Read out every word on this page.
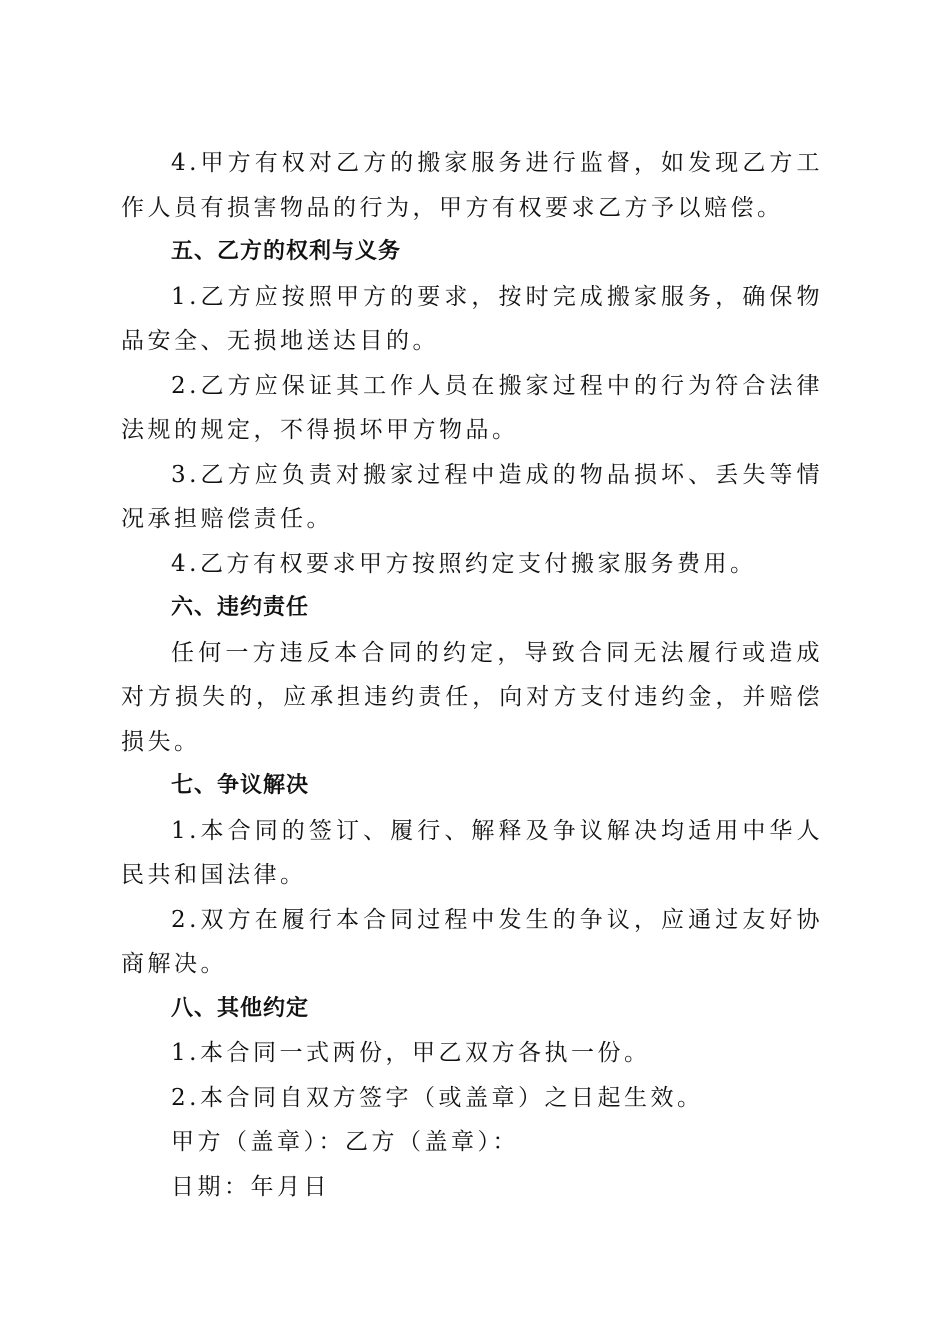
4.甲方有权对乙方的搬家服务进行监督，如发现乙方工作人员有损害物品的行为，甲方有权要求乙方予以赔偿。

五、乙方的权利与义务

1.乙方应按照甲方的要求，按时完成搬家服务，确保物品安全、无损地送达目的。

2.乙方应保证其工作人员在搬家过程中的行为符合法律法规的规定，不得损坏甲方物品。

3.乙方应负责对搬家过程中造成的物品损坏、丢失等情况承担赔偿责任。

4.乙方有权要求甲方按照约定支付搬家服务费用。

六、违约责任

任何一方违反本合同的约定，导致合同无法履行或造成对方损失的，应承担违约责任，向对方支付违约金，并赔偿损失。

七、争议解决

1.本合同的签订、履行、解释及争议解决均适用中华人民共和国法律。

2.双方在履行本合同过程中发生的争议，应通过友好协商解决。

八、其他约定

1.本合同一式两份，甲乙双方各执一份。

2.本合同自双方签字（或盖章）之日起生效。

甲方（盖章）：乙方（盖章）：

日期：年月日
